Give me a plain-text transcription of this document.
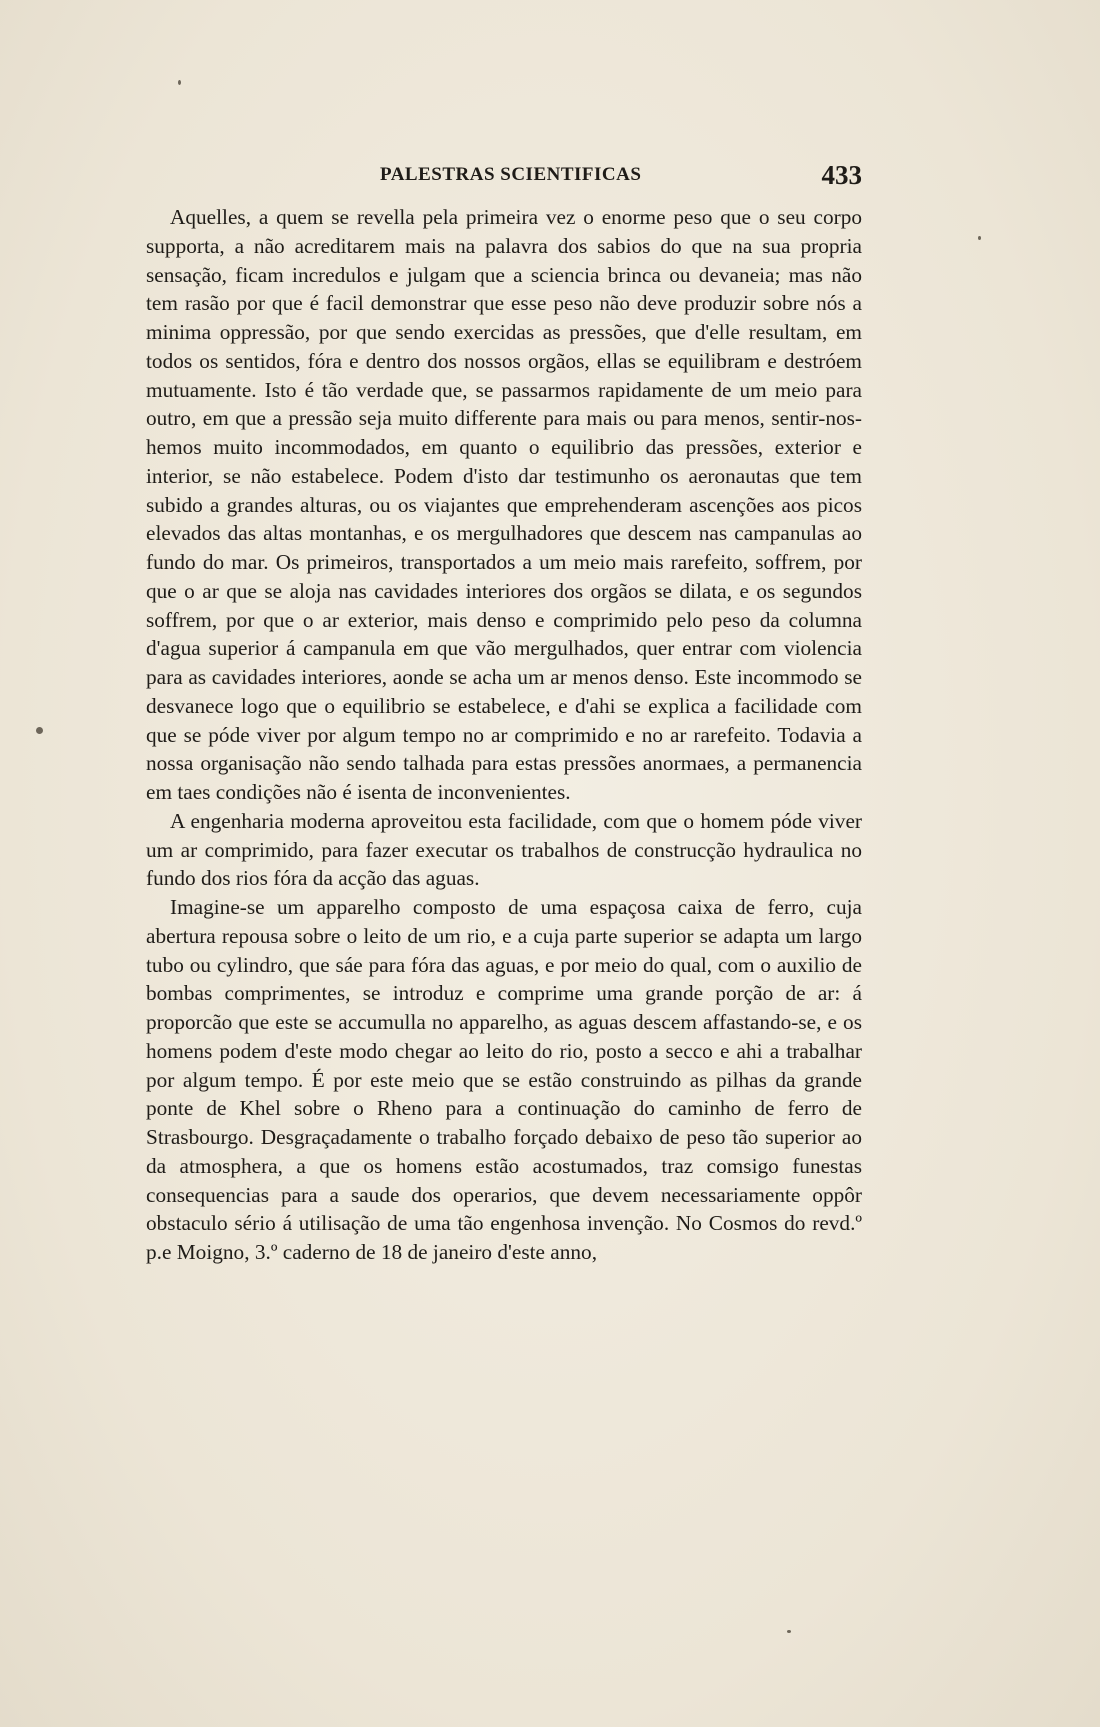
PALESTRAS SCIENTIFICAS	433

Aquelles, a quem se revella pela primeira vez o enorme peso que o seu corpo supporta, a não acreditarem mais na palavra dos sabios do que na sua propria sensação, ficam incredulos e julgam que a sciencia brinca ou devaneia; mas não tem rasão por que é facil demonstrar que esse peso não deve produzir sobre nós a minima oppressão, por que sendo exercidas as pressões, que d'elle resultam, em todos os sentidos, fóra e dentro dos nossos orgãos, ellas se equilibram e destróem mutuamente. Isto é tão verdade que, se passarmos rapidamente de um meio para outro, em que a pressão seja muito differente para mais ou para menos, sentir-nos-hemos muito incommodados, em quanto o equilibrio das pressões, exterior e interior, se não estabelece. Podem d'isto dar testimunho os aeronautas que tem subido a grandes alturas, ou os viajantes que emprehenderam ascenções aos picos elevados das altas montanhas, e os mergulhadores que descem nas campanulas ao fundo do mar. Os primeiros, transportados a um meio mais rarefeito, soffrem, por que o ar que se aloja nas cavidades interiores dos orgãos se dilata, e os segundos soffrem, por que o ar exterior, mais denso e comprimido pelo peso da columna d'agua superior á campanula em que vão mergulhados, quer entrar com violencia para as cavidades interiores, aonde se acha um ar menos denso. Este incommodo se desvanece logo que o equilibrio se estabelece, e d'ahi se explica a facilidade com que se póde viver por algum tempo no ar comprimido e no ar rarefeito. Todavia a nossa organisação não sendo talhada para estas pressões anormaes, a permanencia em taes condições não é isenta de inconvenientes.

A engenharia moderna aproveitou esta facilidade, com que o homem póde viver um ar comprimido, para fazer executar os trabalhos de construcção hydraulica no fundo dos rios fóra da acção das aguas.

Imagine-se um apparelho composto de uma espaçosa caixa de ferro, cuja abertura repousa sobre o leito de um rio, e a cuja parte superior se adapta um largo tubo ou cylindro, que sáe para fóra das aguas, e por meio do qual, com o auxilio de bombas comprimentes, se introduz e comprime uma grande porção de ar: á proporcão que este se accumulla no apparelho, as aguas descem affastando-se, e os homens podem d'este modo chegar ao leito do rio, posto a secco e ahi a trabalhar por algum tempo. É por este meio que se estão construindo as pilhas da grande ponte de Khel sobre o Rheno para a continuação do caminho de ferro de Strasbourgo. Desgraçadamente o trabalho forçado debaixo de peso tão superior ao da atmosphera, a que os homens estão acostumados, traz comsigo funestas consequencias para a saude dos operarios, que devem necessariamente oppôr obstaculo sério á utilisação de uma tão engenhosa invenção. No Cosmos do revd.º p.e Moigno, 3.º caderno de 18 de janeiro d'este anno,
